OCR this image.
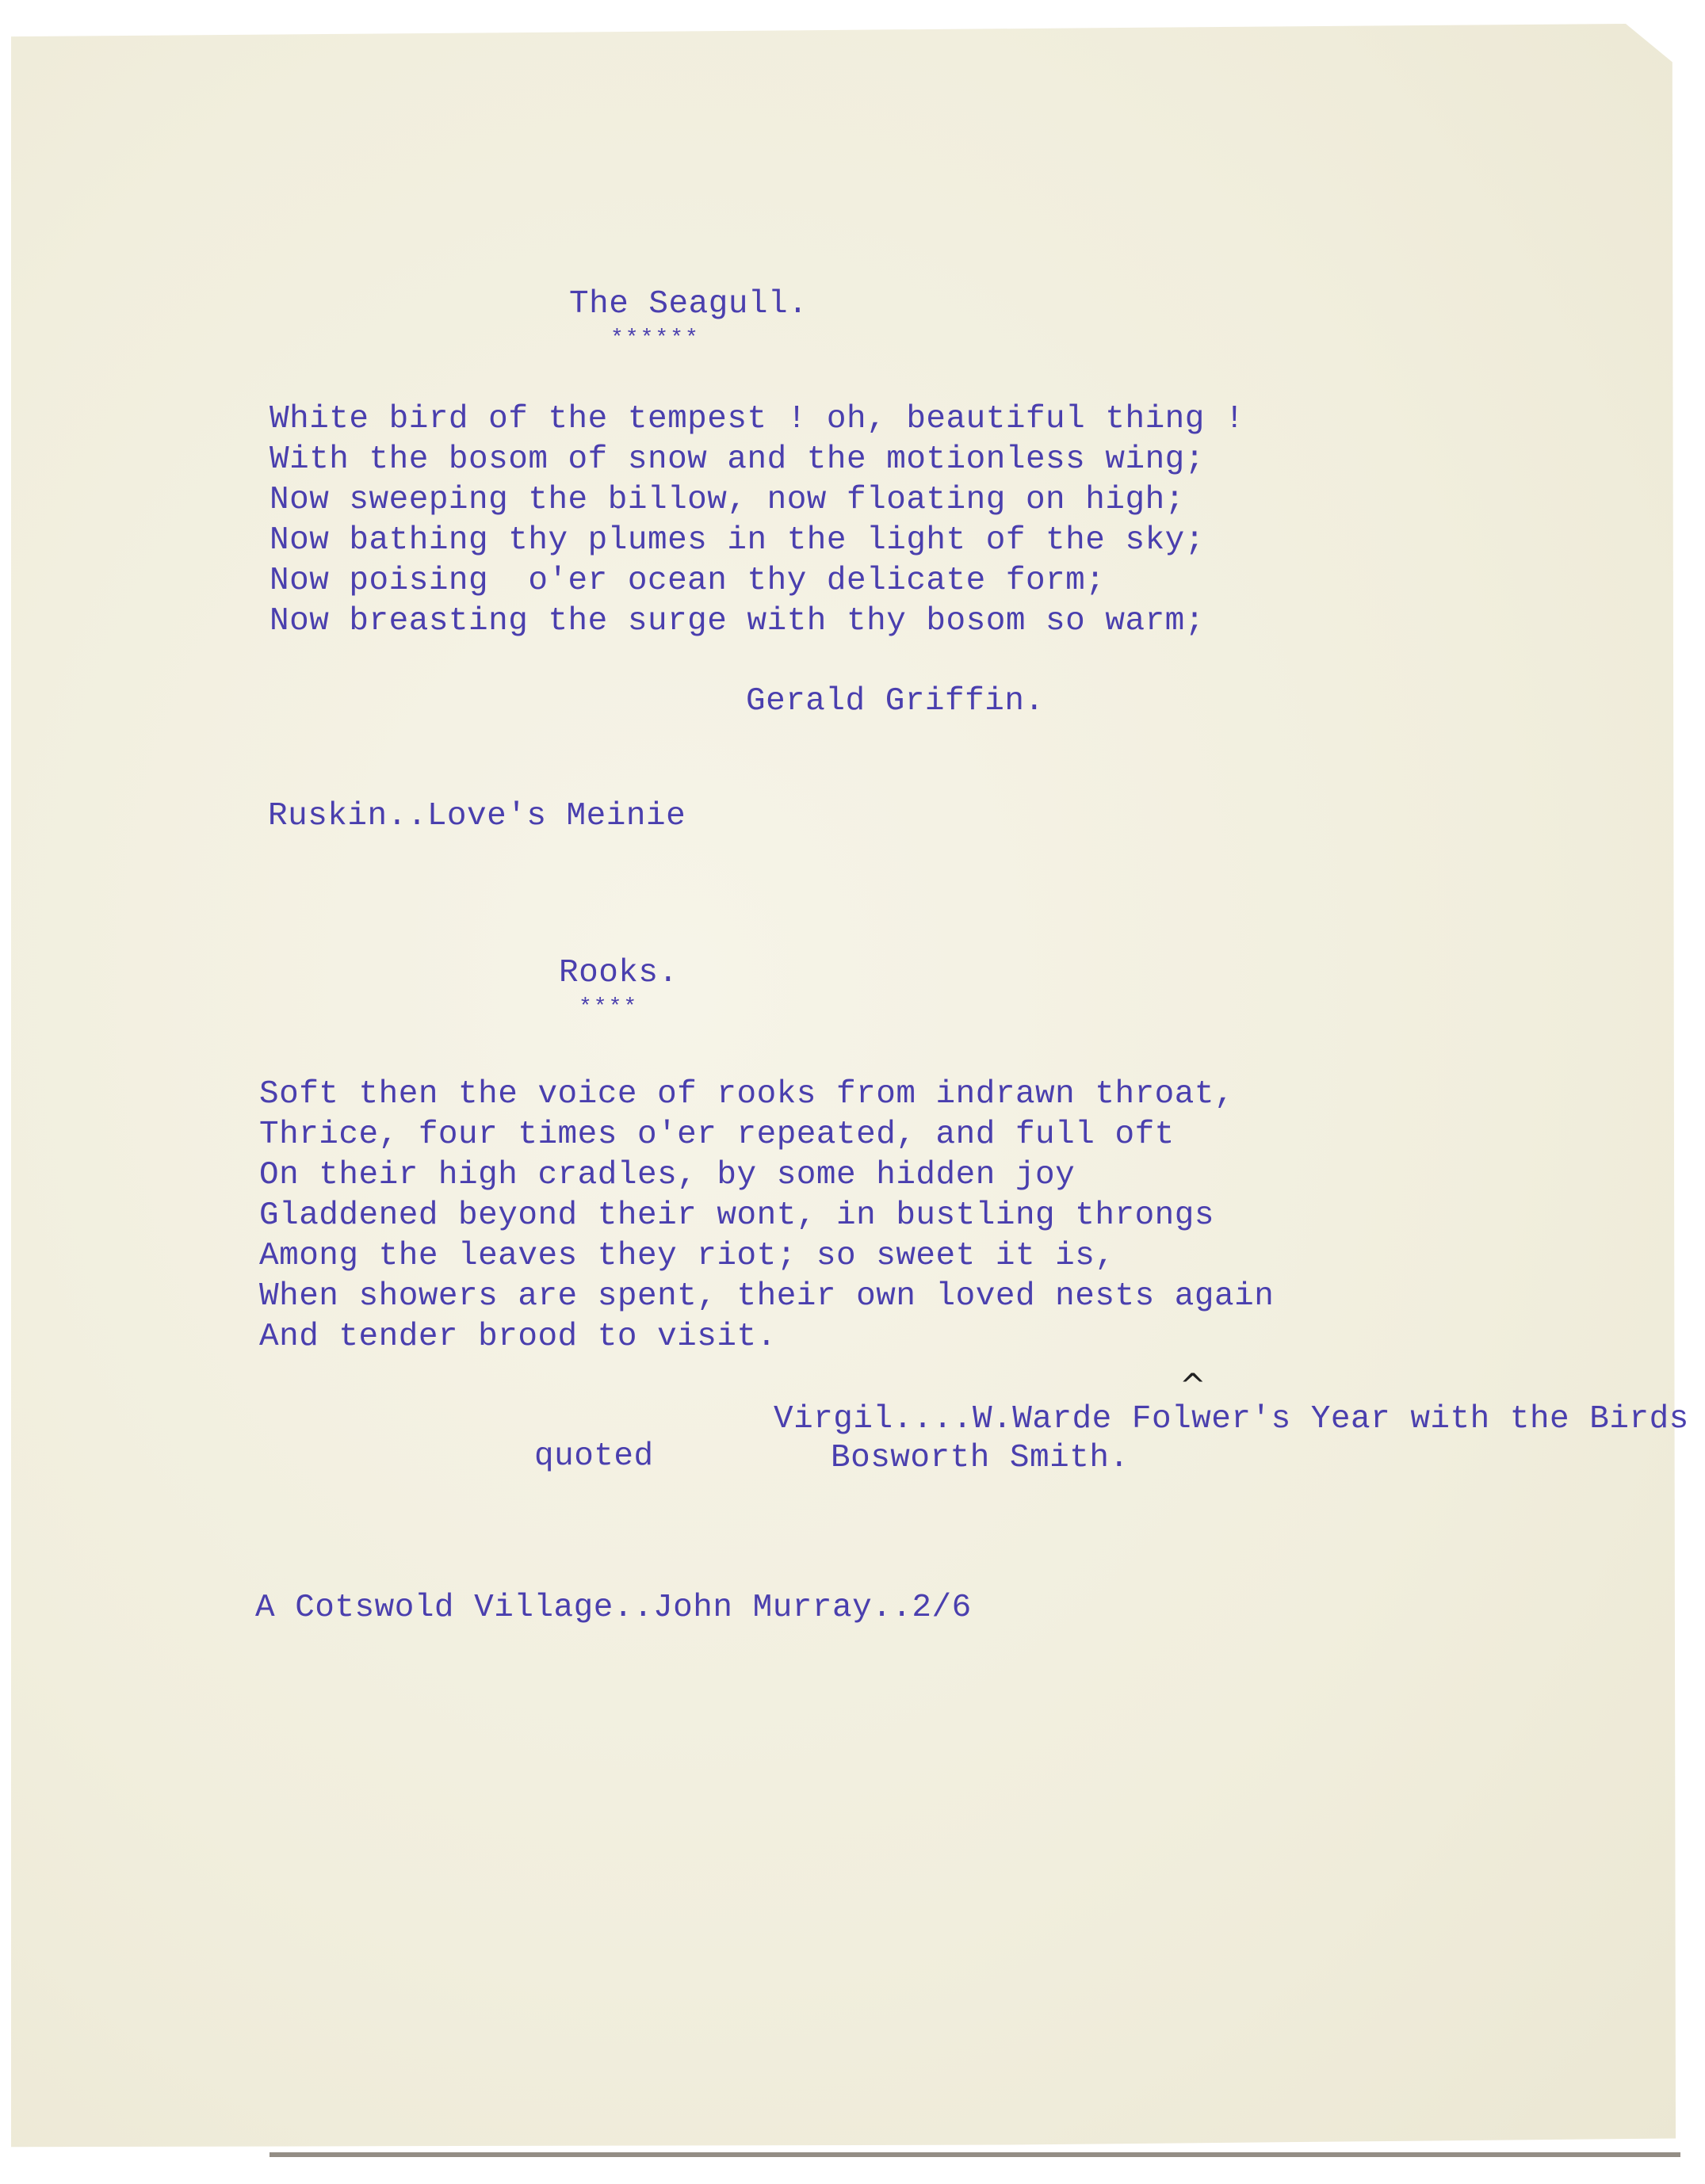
The Seagull.
******
White bird of the tempest ! oh, beautiful thing !
With the bosom of snow and the motionless wing;
Now sweeping the billow, now floating on high;
Now bathing thy plumes in the light of the sky;
Now poising  o'er ocean thy delicate form;
Now breasting the surge with thy bosom so warm;
Gerald Griffin.
Ruskin..Love's Meinie
Rooks.
****
Soft then the voice of rooks from indrawn throat,
Thrice, four times o'er repeated, and full oft
On their high cradles, by some hidden joy
Gladdened beyond their wont, in bustling throngs
Among the leaves they riot; so sweet it is,
When showers are spent, their own loved nests again
And tender brood to visit.
^
Virgil....W.Warde Folwer's Year with the Birds
quoted	Bosworth Smith.
A Cotswold Village..John Murray..2/6
